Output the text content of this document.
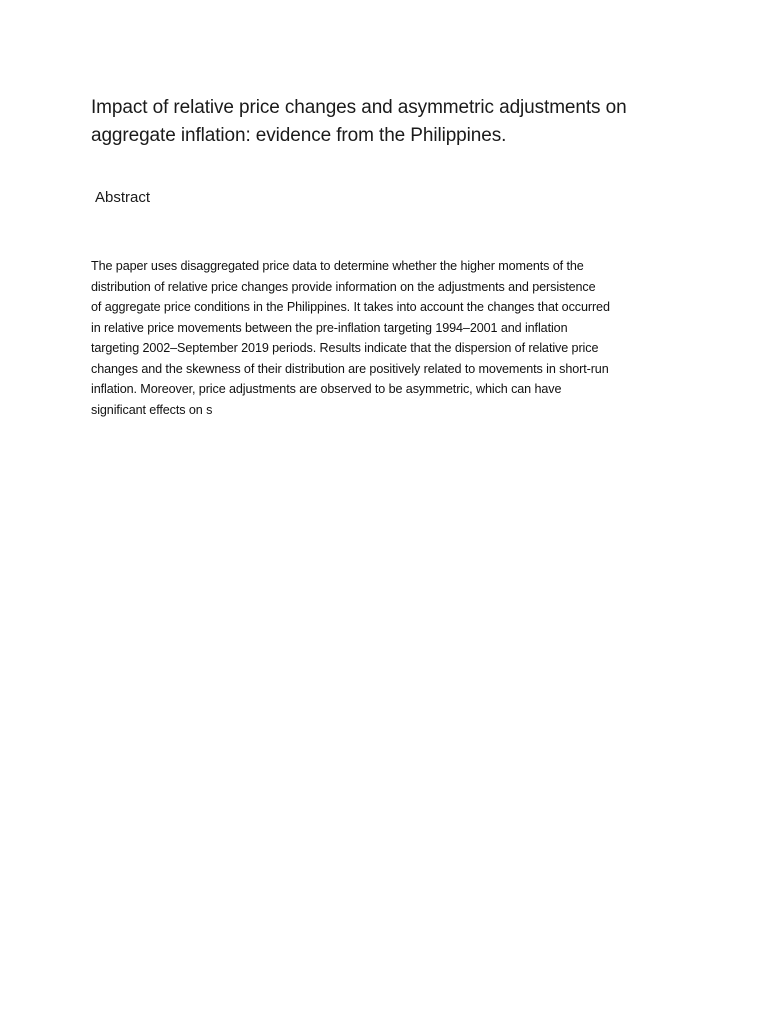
Impact of relative price changes and asymmetric adjustments on
aggregate inflation: evidence from the Philippines.
Abstract
The paper uses disaggregated price data to determine whether the higher moments of the
distribution of relative price changes provide information on the adjustments and persistence
of aggregate price conditions in the Philippines. It takes into account the changes that occurred
in relative price movements between the pre-inflation targeting 1994–2001 and inflation
targeting 2002–September 2019 periods. Results indicate that the dispersion of relative price
changes and the skewness of their distribution are positively related to movements in short-run
inflation. Moreover, price adjustments are observed to be asymmetric, which can have
significant effects on s
